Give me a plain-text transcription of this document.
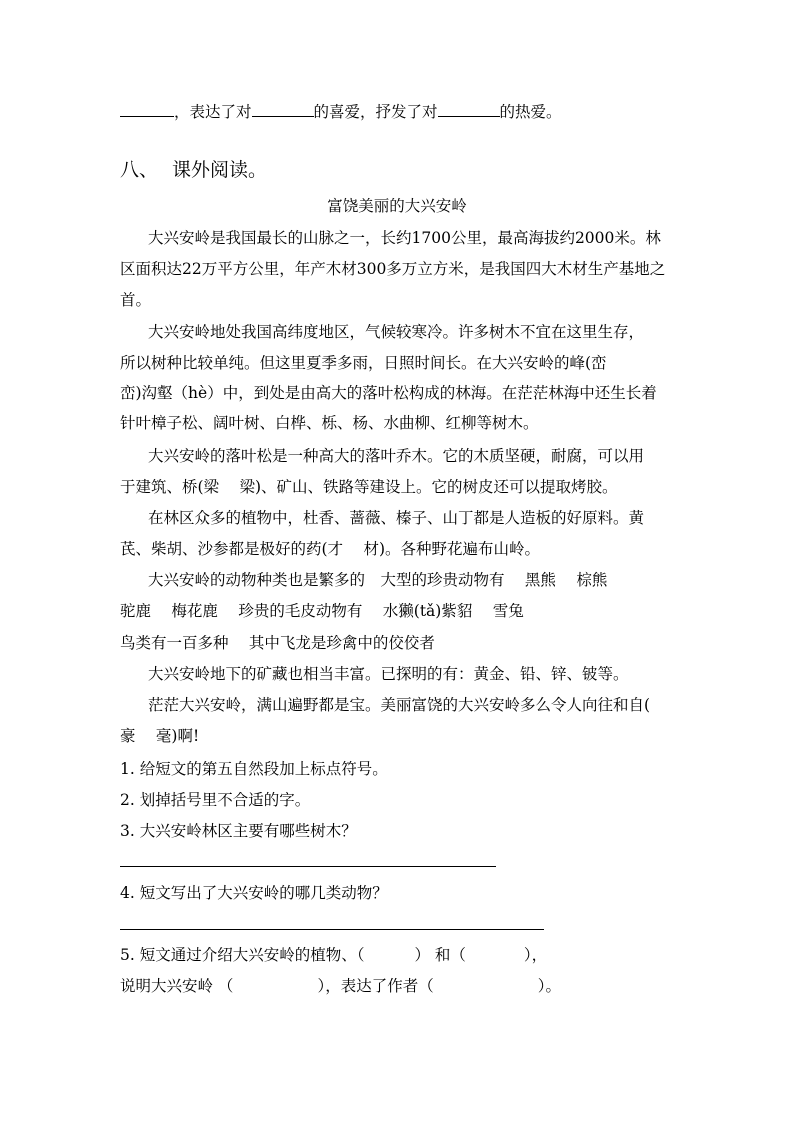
，表达了对	的喜爱，抒发了对	的热爱。
八、 课外阅读。
富饶美丽的大兴安岭
大兴安岭是我国最长的山脉之一，长约1700公里，最高海拔约2000米。林
区面积达22万平方公里，年产木材300多万立方米，是我国四大木材生产基地之
首。
大兴安岭地处我国高纬度地区，气候较寒冷。许多树木不宜在这里生存，
所以树种比较单纯。但这里夏季多雨，日照时间长。在大兴安岭的峰(峦
峦)沟壑（hè）中，到处是由高大的落叶松构成的林海。在茫茫林海中还生长着
针叶樟子松、阔叶树、白桦、栎、杨、水曲柳、红柳等树木。
大兴安岭的落叶松是一种高大的落叶乔木。它的木质坚硬，耐腐，可以用
于建筑、桥(梁　 梁)、矿山、铁路等建设上。它的树皮还可以提取烤胶。
在林区众多的植物中，杜香、蔷薇、榛子、山丁都是人造板的好原料。黄
芪、柴胡、沙参都是极好的药(才　 材)。各种野花遍布山岭。
大兴安岭的动物种类也是繁多的　大型的珍贵动物有　 黑熊　 棕熊
驼鹿　 梅花鹿　 珍贵的毛皮动物有　 水獭(tǎ)紫貂　 雪兔
鸟类有一百多种　 其中飞龙是珍禽中的佼佼者
大兴安岭地下的矿藏也相当丰富。已探明的有：黄金、铅、锌、铍等。
茫茫大兴安岭，满山遍野都是宝。美丽富饶的大兴安岭多么令人向往和自(
豪　 毫)啊!
1. 给短文的第五自然段加上标点符号。
2. 划掉括号里不合适的字。
3. 大兴安岭林区主要有哪些树木？
4. 短文写出了大兴安岭的哪几类动物？
5. 短文通过介绍大兴安岭的植物、（	） 和（	），
说明大兴安岭 （	），表达了作者（	）。
